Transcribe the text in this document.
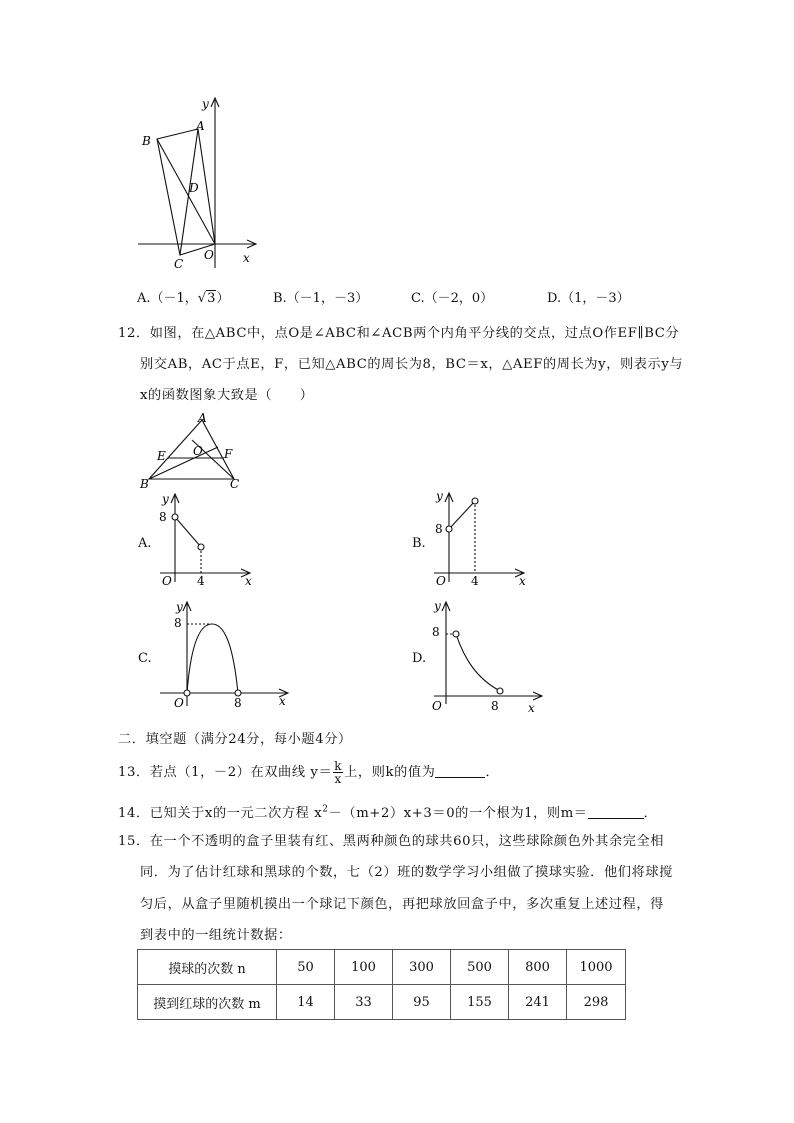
y
x
A
B
C
D
O
A.（－1，√3）	B.（－1，－3）	C.（－2，0）	D.（1，－3）
12．如图，在△ABC中，点O是∠ABC和∠ACB两个内角平分线的交点，过点O作EF∥BC分
别交AB，AC于点E，F，已知△ABC的周长为8，BC＝x，△AEF的周长为y，则表示y与
x的函数图象大致是（　　）
A
B	C
E	F
O
A.
y
x
O
8
4
B.
y
x
O
8
4
C.
y
x
O
8
8
D.
y
x
O
8
8
二．填空题（满分24分，每小题4分）
13．若点（1，－2）在双曲线 $y= \frac{k}{x}$ 上，则k的值为	．
14．已知关于x的一元二次方程 $x^2-(m+2)x+3=0$的一个根为1，则m＝	．
15．在一个不透明的盒子里装有红、黑两种颜色的球共60只，这些球除颜色外其余完全相
同．为了估计红球和黑球的个数，七（2）班的数学学习小组做了摸球实验．他们将球搅
匀后，从盒子里随机摸出一个球记下颜色，再把球放回盒子中，多次重复上述过程，得
到表中的一组统计数据：
摸球的次数 n	50	100	300	500	800	1000
摸到红球的次数 m	14	33	95	155	241	298
